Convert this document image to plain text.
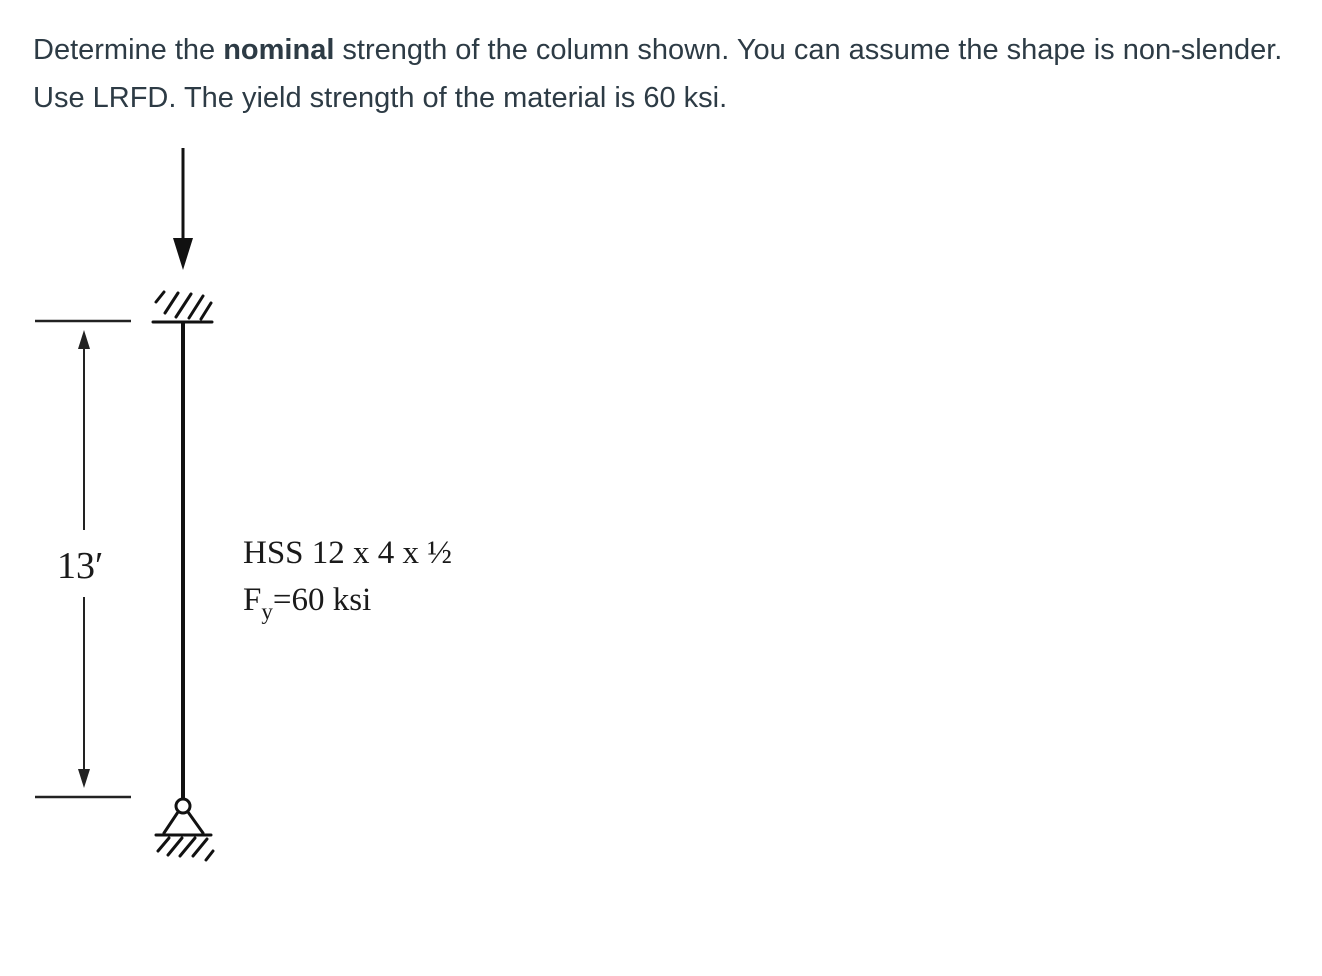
Determine the nominal strength of the column shown. You can assume the shape is non-slender. Use LRFD. The yield strength of the material is 60 ksi.

13′	HSS 12 x 4 x ½
$F_y=60$ ksi
